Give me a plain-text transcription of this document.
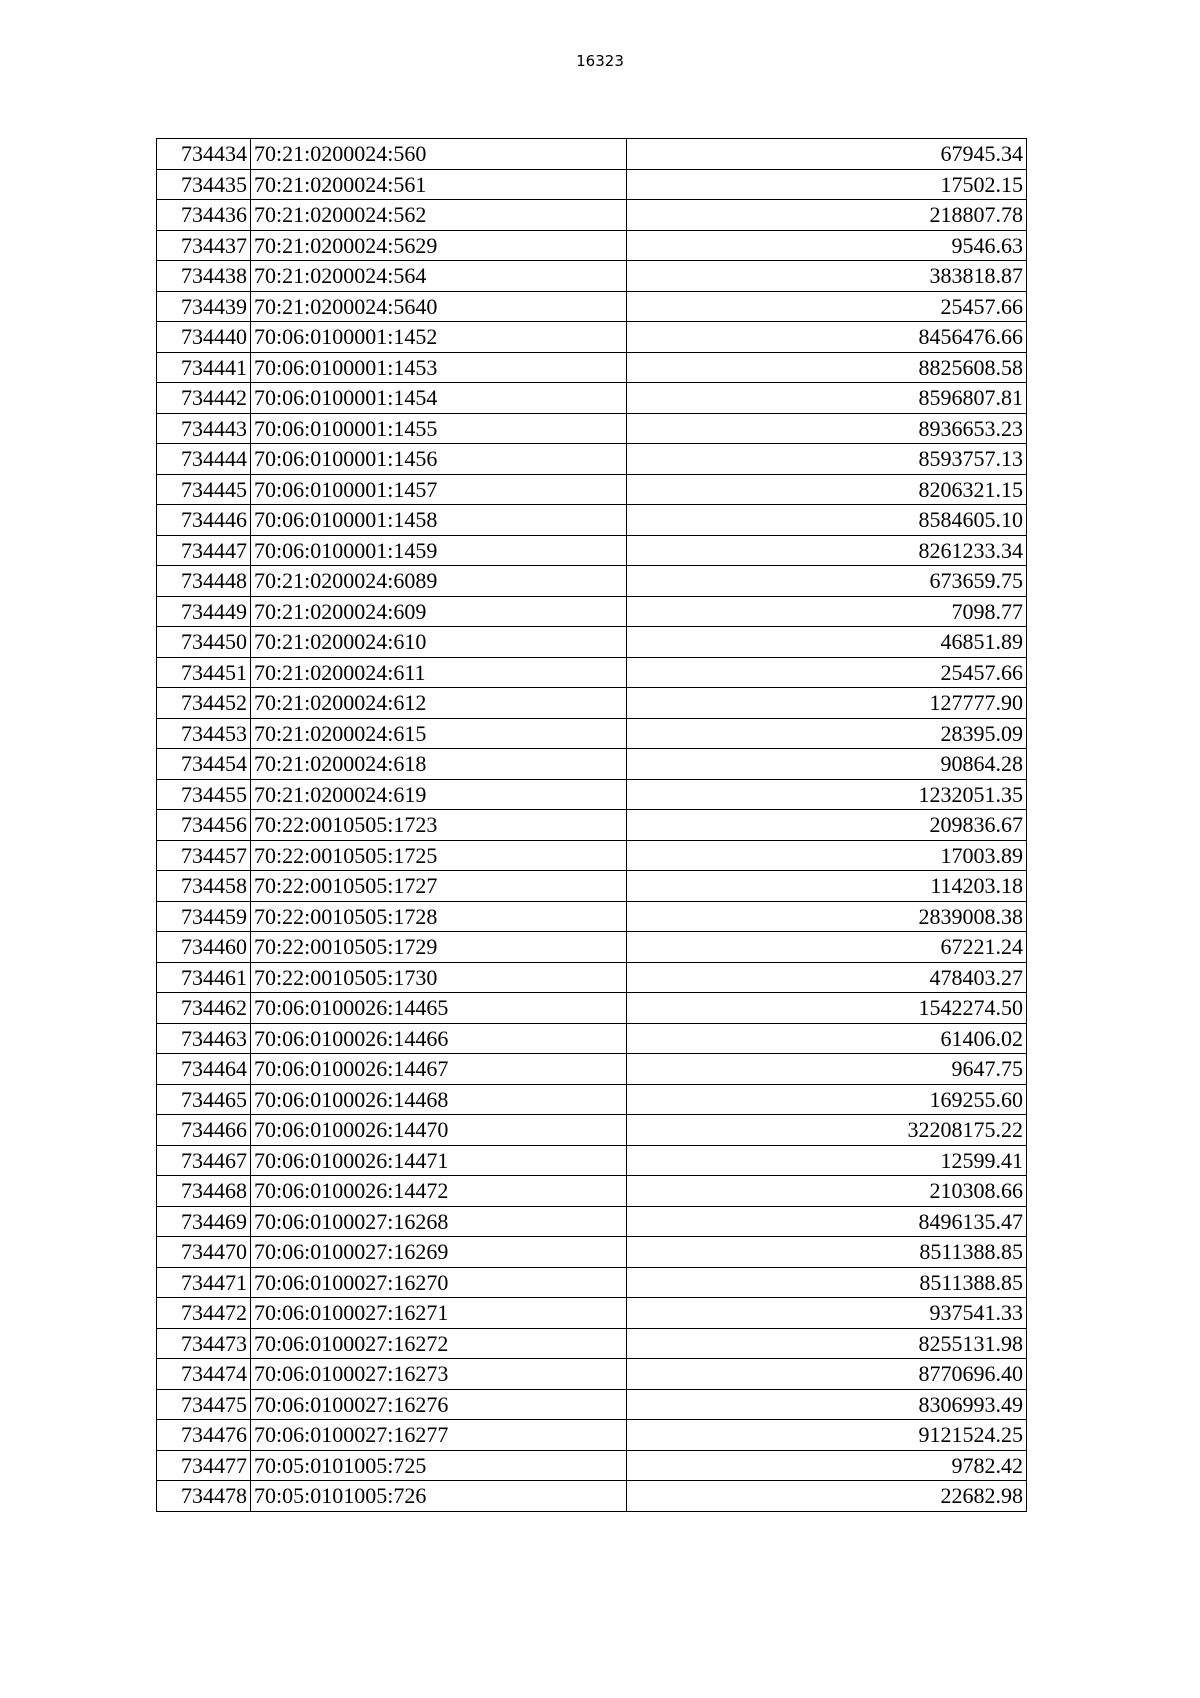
16323
734434	70:21:0200024:560	67945.34
734435	70:21:0200024:561	17502.15
734436	70:21:0200024:562	218807.78
734437	70:21:0200024:5629	9546.63
734438	70:21:0200024:564	383818.87
734439	70:21:0200024:5640	25457.66
734440	70:06:0100001:1452	8456476.66
734441	70:06:0100001:1453	8825608.58
734442	70:06:0100001:1454	8596807.81
734443	70:06:0100001:1455	8936653.23
734444	70:06:0100001:1456	8593757.13
734445	70:06:0100001:1457	8206321.15
734446	70:06:0100001:1458	8584605.10
734447	70:06:0100001:1459	8261233.34
734448	70:21:0200024:6089	673659.75
734449	70:21:0200024:609	7098.77
734450	70:21:0200024:610	46851.89
734451	70:21:0200024:611	25457.66
734452	70:21:0200024:612	127777.90
734453	70:21:0200024:615	28395.09
734454	70:21:0200024:618	90864.28
734455	70:21:0200024:619	1232051.35
734456	70:22:0010505:1723	209836.67
734457	70:22:0010505:1725	17003.89
734458	70:22:0010505:1727	114203.18
734459	70:22:0010505:1728	2839008.38
734460	70:22:0010505:1729	67221.24
734461	70:22:0010505:1730	478403.27
734462	70:06:0100026:14465	1542274.50
734463	70:06:0100026:14466	61406.02
734464	70:06:0100026:14467	9647.75
734465	70:06:0100026:14468	169255.60
734466	70:06:0100026:14470	32208175.22
734467	70:06:0100026:14471	12599.41
734468	70:06:0100026:14472	210308.66
734469	70:06:0100027:16268	8496135.47
734470	70:06:0100027:16269	8511388.85
734471	70:06:0100027:16270	8511388.85
734472	70:06:0100027:16271	937541.33
734473	70:06:0100027:16272	8255131.98
734474	70:06:0100027:16273	8770696.40
734475	70:06:0100027:16276	8306993.49
734476	70:06:0100027:16277	9121524.25
734477	70:05:0101005:725	9782.42
734478	70:05:0101005:726	22682.98
